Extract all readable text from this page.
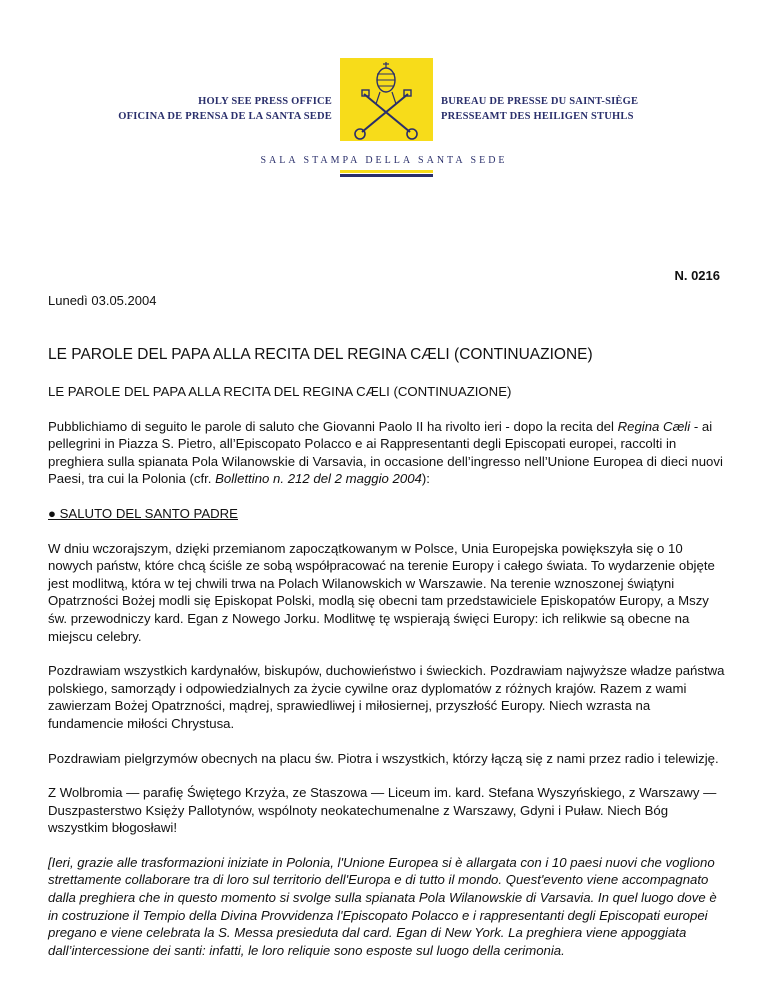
HOLY SEE PRESS OFFICE
OFICINA DE PRENSA DE LA SANTA SEDE
BUREAU DE PRESSE DU SAINT-SIÈGE
PRESSEAMT DES HEILIGEN STUHLS
SALA STAMPA DELLA SANTA SEDE
N. 0216
Lunedì 03.05.2004
LE PAROLE DEL PAPA ALLA RECITA DEL REGINA CÆLI (CONTINUAZIONE)

LE PAROLE DEL PAPA ALLA RECITA DEL REGINA CÆLI (CONTINUAZIONE)

Pubblichiamo di seguito le parole di saluto che Giovanni Paolo II ha rivolto ieri - dopo la recita del Regina Cæli - ai pellegrini in Piazza S. Pietro, all’Episcopato Polacco e ai Rappresentanti degli Episcopati europei, raccolti in preghiera sulla spianata Pola Wilanowskie di Varsavia, in occasione dell’ingresso nell’Unione Europea di dieci nuovi Paesi, tra cui la Polonia (cfr. Bollettino n. 212 del 2 maggio 2004):

● SALUTO DEL SANTO PADRE

W dniu wczorajszym, dzięki przemianom zapoczątkowanym w Polsce, Unia Europejska powiększyła się o 10 nowych państw, które chcą ściśle ze sobą współpracować na terenie Europy i całego świata. To wydarzenie objęte jest modlitwą, która w tej chwili trwa na Polach Wilanowskich w Warszawie. Na terenie wznoszonej świątyni Opatrzności Bożej modli się Episkopat Polski, modlą się obecni tam przedstawiciele Episkopatów Europy, a Mszy św. przewodniczy kard. Egan z Nowego Jorku. Modlitwę tę wspierają święci Europy: ich relikwie są obecne na miejscu celebry.

Pozdrawiam wszystkich kardynałów, biskupów, duchowieństwo i świeckich. Pozdrawiam najwyższe władze państwa polskiego, samorządy i odpowiedzialnych za życie cywilne oraz dyplomatów z różnych krajów. Razem z wami zawierzam Bożej Opatrzności, mądrej, sprawiedliwej i miłosiernej, przyszłość Europy. Niech wzrasta na fundamencie miłości Chrystusa.

Pozdrawiam pielgrzymów obecnych na placu św. Piotra i wszystkich, którzy łączą się z nami przez radio i telewizję.

Z Wolbromia — parafię Świętego Krzyża, ze Staszowa — Liceum im. kard. Stefana Wyszyńskiego, z Warszawy — Duszpasterstwo Księży Pallotynów, wspólnoty neokatechumenalne z Warszawy, Gdyni i Puław. Niech Bóg wszystkim błogosławi!

[Ieri, grazie alle trasformazioni iniziate in Polonia, l'Unione Europea si è allargata con i 10 paesi nuovi che vogliono strettamente collaborare tra di loro sul territorio dell'Europa e di tutto il mondo. Quest'evento viene accompagnato dalla preghiera che in questo momento si svolge sulla spianata Pola Wilanowskie di Varsavia. In quel luogo dove è in costruzione il Tempio della Divina Provvidenza l'Episcopato Polacco e i rappresentanti degli Episcopati europei pregano e viene celebrata la S. Messa presieduta dal card. Egan di New York. La preghiera viene appoggiata dall’intercessione dei santi: infatti, le loro reliquie sono esposte sul luogo della cerimonia.
